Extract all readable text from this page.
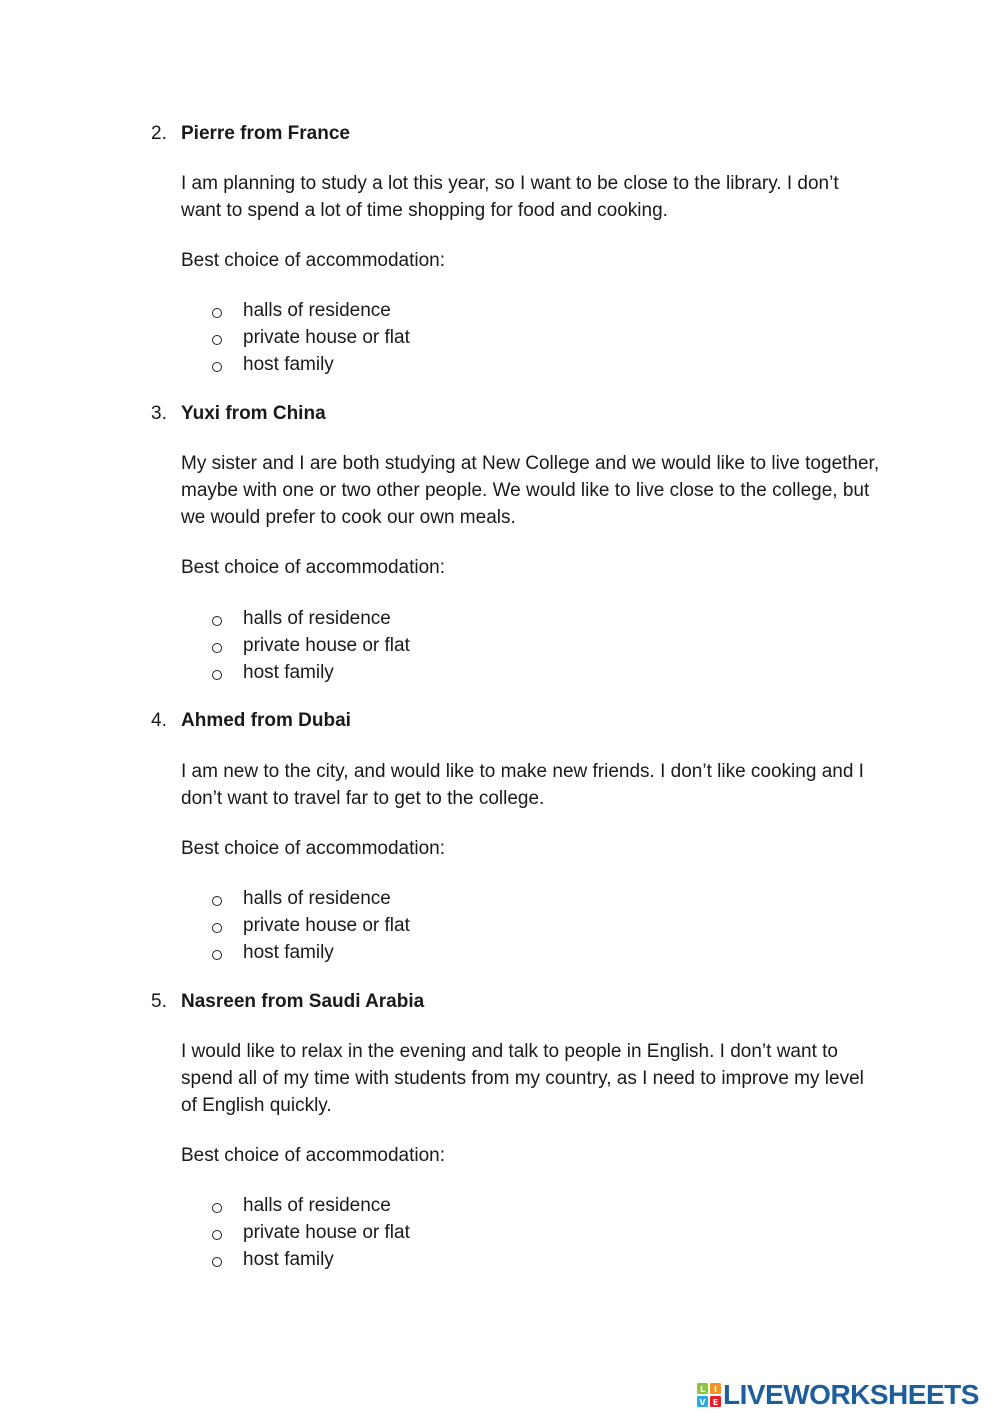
2. Pierre from France

I am planning to study a lot this year, so I want to be close to the library. I don’t want to spend a lot of time shopping for food and cooking.

Best choice of accommodation:
halls of residence
private house or flat
host family
3. Yuxi from China

My sister and I are both studying at New College and we would like to live together, maybe with one or two other people. We would like to live close to the college, but we would prefer to cook our own meals.

Best choice of accommodation:
halls of residence
private house or flat
host family
4. Ahmed from Dubai

I am new to the city, and would like to make new friends. I don’t like cooking and I don’t want to travel far to get to the college.

Best choice of accommodation:
halls of residence
private house or flat
host family
5. Nasreen from Saudi Arabia

I would like to relax in the evening and talk to people in English. I don’t want to spend all of my time with students from my country, as I need to improve my level of English quickly.

Best choice of accommodation:
halls of residence
private house or flat
host family
L I
V E LIVEWORKSHEETS
